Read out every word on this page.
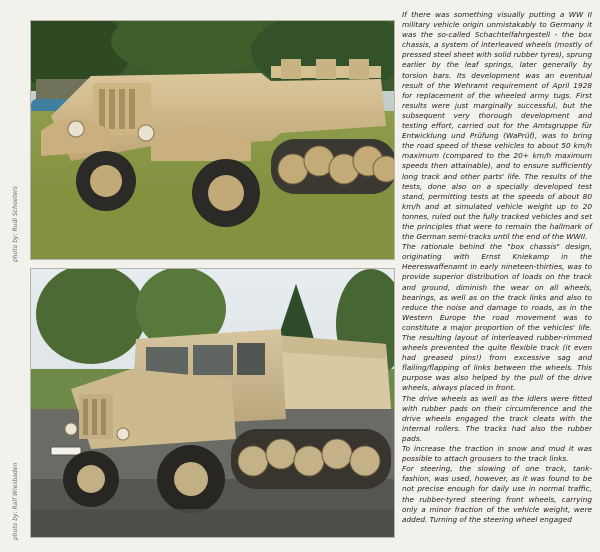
photo by: Rudi Schoeters
photo by: Ralf Wiesbaden

If there was something visually putting a WW II military vehicle origin unmistakably to Germany it was the so-called Schachtelfahrgestell - the box chassis, a system of interleaved wheels (mostly of pressed steel sheet with solid rubber tyres), sprung earlier by the leaf springs, later generally by torsion bars. Its development was an eventual result of the Wehramt requirement of April 1928 for replacement of the wheeled army tugs. First results were just marginally successful, but the subsequent very thorough development and testing effort, carried out for the Amtsgruppe für Entwicklung und Prüfung (WaPrüf), was to bring the road speed of these vehicles to about 50 km/h maximum (compared to the 20+ km/h maximum speeds then attainable), and to ensure sufficiently long track and other parts' life. The results of the tests, done also on a specially developed test stand, permitting tests at the speeds of about 80 km/h and at simulated vehicle weight up to 20 tonnes, ruled out the fully tracked vehicles and set the principles that were to remain the hallmark of the German semi-tracks until the end of the WWII.

The rationale behind the "box chassis" design, originating with Ernst Kniekamp in the Heereswaffenamt in early nineteen-thirties, was to provide superior distribution of loads on the track and ground, diminish the wear on all wheels, bearings, as well as on the track links and also to reduce the noise and damage to roads, as in the Western Europe the road movement was to constitute a major proportion of the vehicles' life. The resulting layout of interleaved rubber-rimmed wheels prevented the quite flexible track (it even had greased pins!) from excessive sag and flailing/flapping of links between the wheels. This purpose was also helped by the pull of the drive wheels, always placed in front.

The drive wheels as well as the idlers were fitted with rubber pads on their circumference and the drive wheels engaged the track cleats with the internal rollers. The tracks had also the rubber pads.

To increase the traction in snow and mud it was possible to attach grousers to the track links.

For steering, the slowing of one track, tank-fashion, was used, however, as it was found to be not precise enough for daily use in normal traffic, the rubber-tyred steering front wheels, carrying only a minor fraction of the vehicle weight, were added. Turning of the steering wheel engaged
